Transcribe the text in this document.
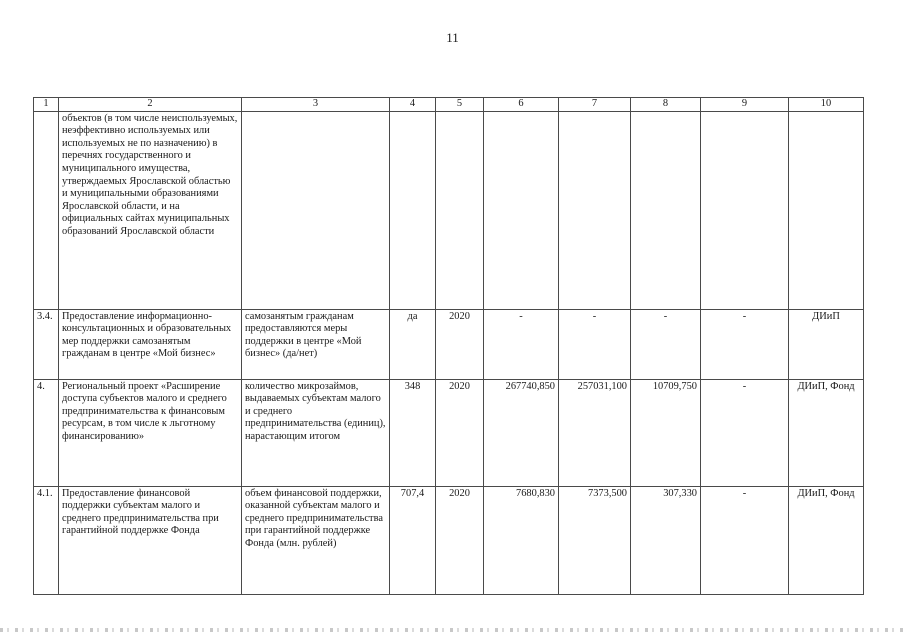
11
1	2	3	4	5	6	7	8	9	10
	объектов (в том числе неиспользуемых, неэффективно используемых или используемых не по назначению) в перечнях государственного и муниципального имущества, утверждаемых Ярославской областью и муниципальными образованиями Ярославской области, и на официальных сайтах муниципальных образований Ярославской области								
3.4.	Предоставление информационно-консультационных и образовательных мер поддержки самозанятым гражданам в центре «Мой бизнес»	самозанятым гражданам предоставляются меры поддержки в центре «Мой бизнес» (да/нет)	да	2020	-	-	-	-	ДИиП
4.	Региональный проект «Расширение доступа субъектов малого и среднего предпринимательства к финансовым ресурсам, в том числе к льготному финансированию»	количество микрозаймов, выдаваемых субъектам малого и среднего предпринимательства (единиц), нарастающим итогом	348	2020	267740,850	257031,100	10709,750	-	ДИиП, Фонд
4.1.	Предоставление финансовой поддержки субъектам малого и среднего предпринимательства при гарантийной поддержке Фонда	объем финансовой поддержки, оказанной субъектам малого и среднего предпринимательства при гарантийной поддержке Фонда (млн. рублей)	707,4	2020	7680,830	7373,500	307,330	-	ДИиП, Фонд
